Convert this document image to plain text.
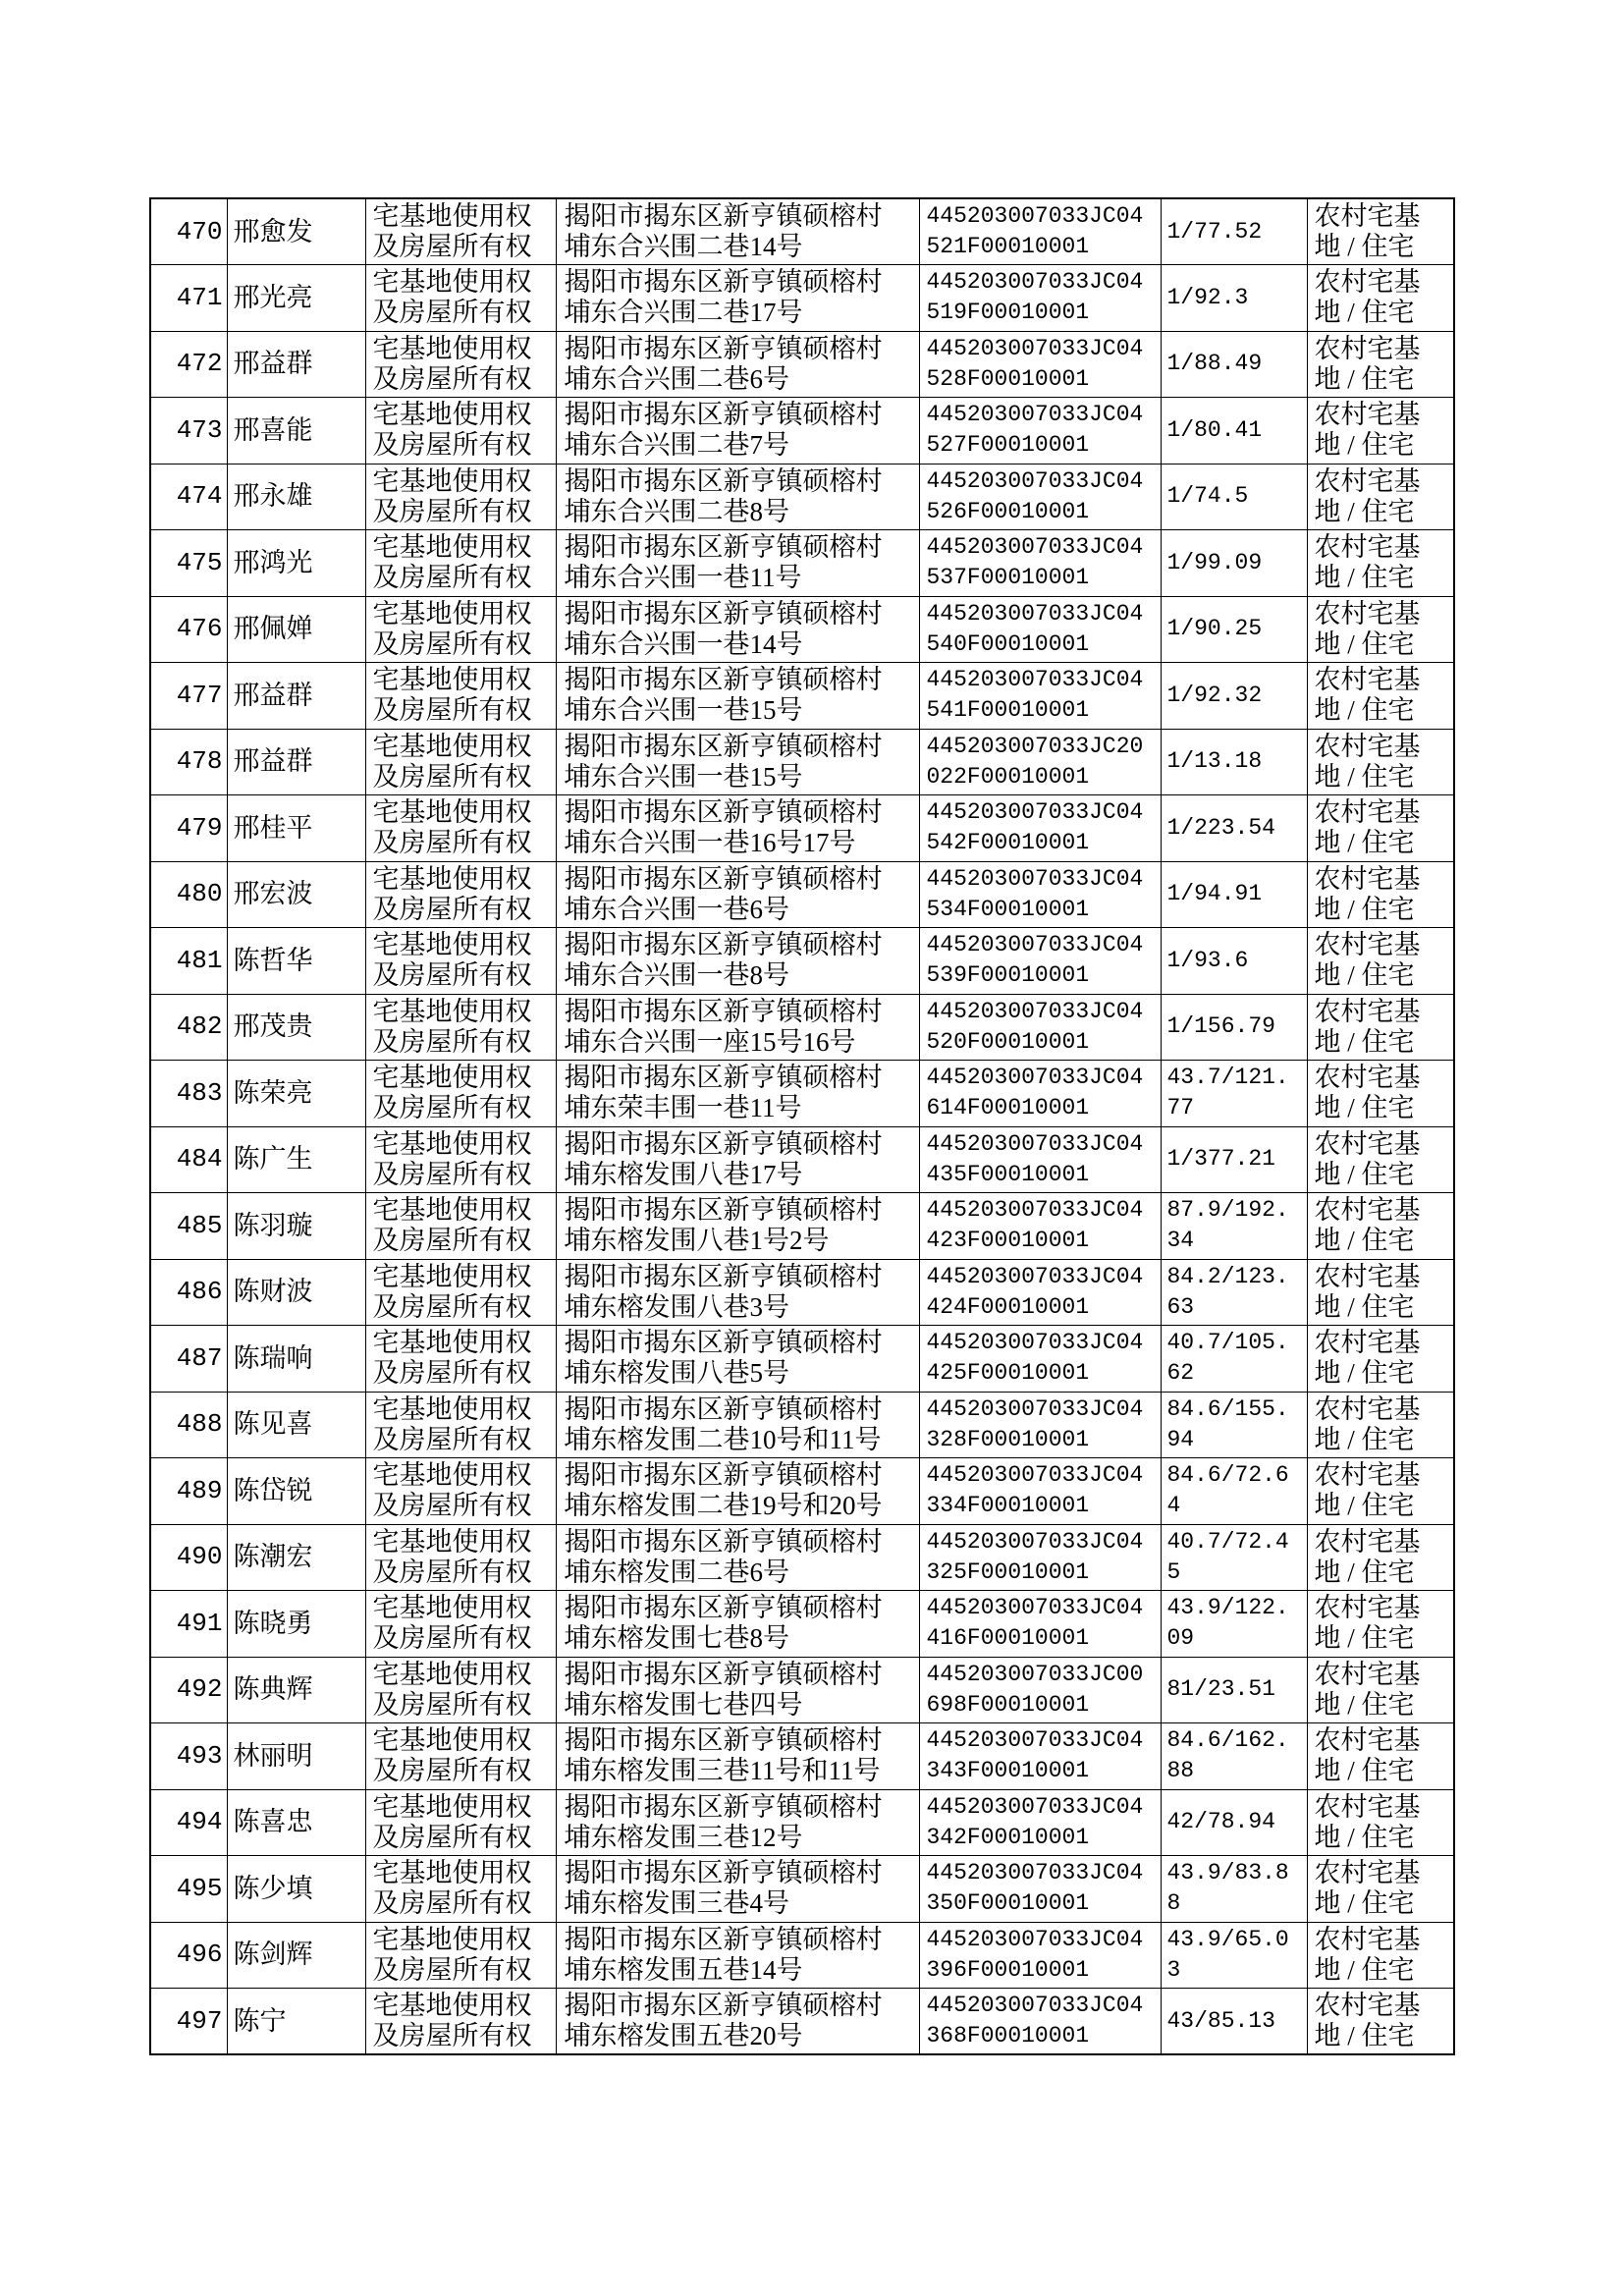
470	邢愈发	宅基地使用权及房屋所有权	揭阳市揭东区新亨镇硕榕村埔东合兴围二巷14号	445203007033JC04521F00010001	1/77.52	农村宅基地 / 住宅

471	邢光亮	宅基地使用权及房屋所有权	揭阳市揭东区新亨镇硕榕村埔东合兴围二巷17号	445203007033JC04519F00010001	1/92.3	农村宅基地 / 住宅

472	邢益群	宅基地使用权及房屋所有权	揭阳市揭东区新亨镇硕榕村埔东合兴围二巷6号	445203007033JC04528F00010001	1/88.49	农村宅基地 / 住宅

473	邢喜能	宅基地使用权及房屋所有权	揭阳市揭东区新亨镇硕榕村埔东合兴围二巷7号	445203007033JC04527F00010001	1/80.41	农村宅基地 / 住宅

474	邢永雄	宅基地使用权及房屋所有权	揭阳市揭东区新亨镇硕榕村埔东合兴围二巷8号	445203007033JC04526F00010001	1/74.5	农村宅基地 / 住宅

475	邢鸿光	宅基地使用权及房屋所有权	揭阳市揭东区新亨镇硕榕村埔东合兴围一巷11号	445203007033JC04537F00010001	1/99.09	农村宅基地 / 住宅

476	邢佩婵	宅基地使用权及房屋所有权	揭阳市揭东区新亨镇硕榕村埔东合兴围一巷14号	445203007033JC04540F00010001	1/90.25	农村宅基地 / 住宅

477	邢益群	宅基地使用权及房屋所有权	揭阳市揭东区新亨镇硕榕村埔东合兴围一巷15号	445203007033JC04541F00010001	1/92.32	农村宅基地 / 住宅

478	邢益群	宅基地使用权及房屋所有权	揭阳市揭东区新亨镇硕榕村埔东合兴围一巷15号	445203007033JC20022F00010001	1/13.18	农村宅基地 / 住宅

479	邢桂平	宅基地使用权及房屋所有权	揭阳市揭东区新亨镇硕榕村埔东合兴围一巷16号17号	445203007033JC04542F00010001	1/223.54	农村宅基地 / 住宅

480	邢宏波	宅基地使用权及房屋所有权	揭阳市揭东区新亨镇硕榕村埔东合兴围一巷6号	445203007033JC04534F00010001	1/94.91	农村宅基地 / 住宅

481	陈哲华	宅基地使用权及房屋所有权	揭阳市揭东区新亨镇硕榕村埔东合兴围一巷8号	445203007033JC04539F00010001	1/93.6	农村宅基地 / 住宅

482	邢茂贵	宅基地使用权及房屋所有权	揭阳市揭东区新亨镇硕榕村埔东合兴围一座15号16号	445203007033JC04520F00010001	1/156.79	农村宅基地 / 住宅

483	陈荣亮	宅基地使用权及房屋所有权	揭阳市揭东区新亨镇硕榕村埔东荣丰围一巷11号	445203007033JC04614F00010001	43.7/121.77	农村宅基地 / 住宅

484	陈广生	宅基地使用权及房屋所有权	揭阳市揭东区新亨镇硕榕村埔东榕发围八巷17号	445203007033JC04435F00010001	1/377.21	农村宅基地 / 住宅

485	陈羽璇	宅基地使用权及房屋所有权	揭阳市揭东区新亨镇硕榕村埔东榕发围八巷1号2号	445203007033JC04423F00010001	87.9/192.34	农村宅基地 / 住宅

486	陈财波	宅基地使用权及房屋所有权	揭阳市揭东区新亨镇硕榕村埔东榕发围八巷3号	445203007033JC04424F00010001	84.2/123.63	农村宅基地 / 住宅

487	陈瑞响	宅基地使用权及房屋所有权	揭阳市揭东区新亨镇硕榕村埔东榕发围八巷5号	445203007033JC04425F00010001	40.7/105.62	农村宅基地 / 住宅

488	陈见喜	宅基地使用权及房屋所有权	揭阳市揭东区新亨镇硕榕村埔东榕发围二巷10号和11号	445203007033JC04328F00010001	84.6/155.94	农村宅基地 / 住宅

489	陈岱锐	宅基地使用权及房屋所有权	揭阳市揭东区新亨镇硕榕村埔东榕发围二巷19号和20号	445203007033JC04334F00010001	84.6/72.64	农村宅基地 / 住宅

490	陈潮宏	宅基地使用权及房屋所有权	揭阳市揭东区新亨镇硕榕村埔东榕发围二巷6号	445203007033JC04325F00010001	40.7/72.45	农村宅基地 / 住宅

491	陈晓勇	宅基地使用权及房屋所有权	揭阳市揭东区新亨镇硕榕村埔东榕发围七巷8号	445203007033JC04416F00010001	43.9/122.09	农村宅基地 / 住宅

492	陈典辉	宅基地使用权及房屋所有权	揭阳市揭东区新亨镇硕榕村埔东榕发围七巷四号	445203007033JC00698F00010001	81/23.51	农村宅基地 / 住宅

493	林丽明	宅基地使用权及房屋所有权	揭阳市揭东区新亨镇硕榕村埔东榕发围三巷11号和11号	445203007033JC04343F00010001	84.6/162.88	农村宅基地 / 住宅

494	陈喜忠	宅基地使用权及房屋所有权	揭阳市揭东区新亨镇硕榕村埔东榕发围三巷12号	445203007033JC04342F00010001	42/78.94	农村宅基地 / 住宅

495	陈少填	宅基地使用权及房屋所有权	揭阳市揭东区新亨镇硕榕村埔东榕发围三巷4号	445203007033JC04350F00010001	43.9/83.88	农村宅基地 / 住宅

496	陈剑辉	宅基地使用权及房屋所有权	揭阳市揭东区新亨镇硕榕村埔东榕发围五巷14号	445203007033JC04396F00010001	43.9/65.03	农村宅基地 / 住宅

497	陈宁	宅基地使用权及房屋所有权	揭阳市揭东区新亨镇硕榕村埔东榕发围五巷20号	445203007033JC04368F00010001	43/85.13	农村宅基地 / 住宅
